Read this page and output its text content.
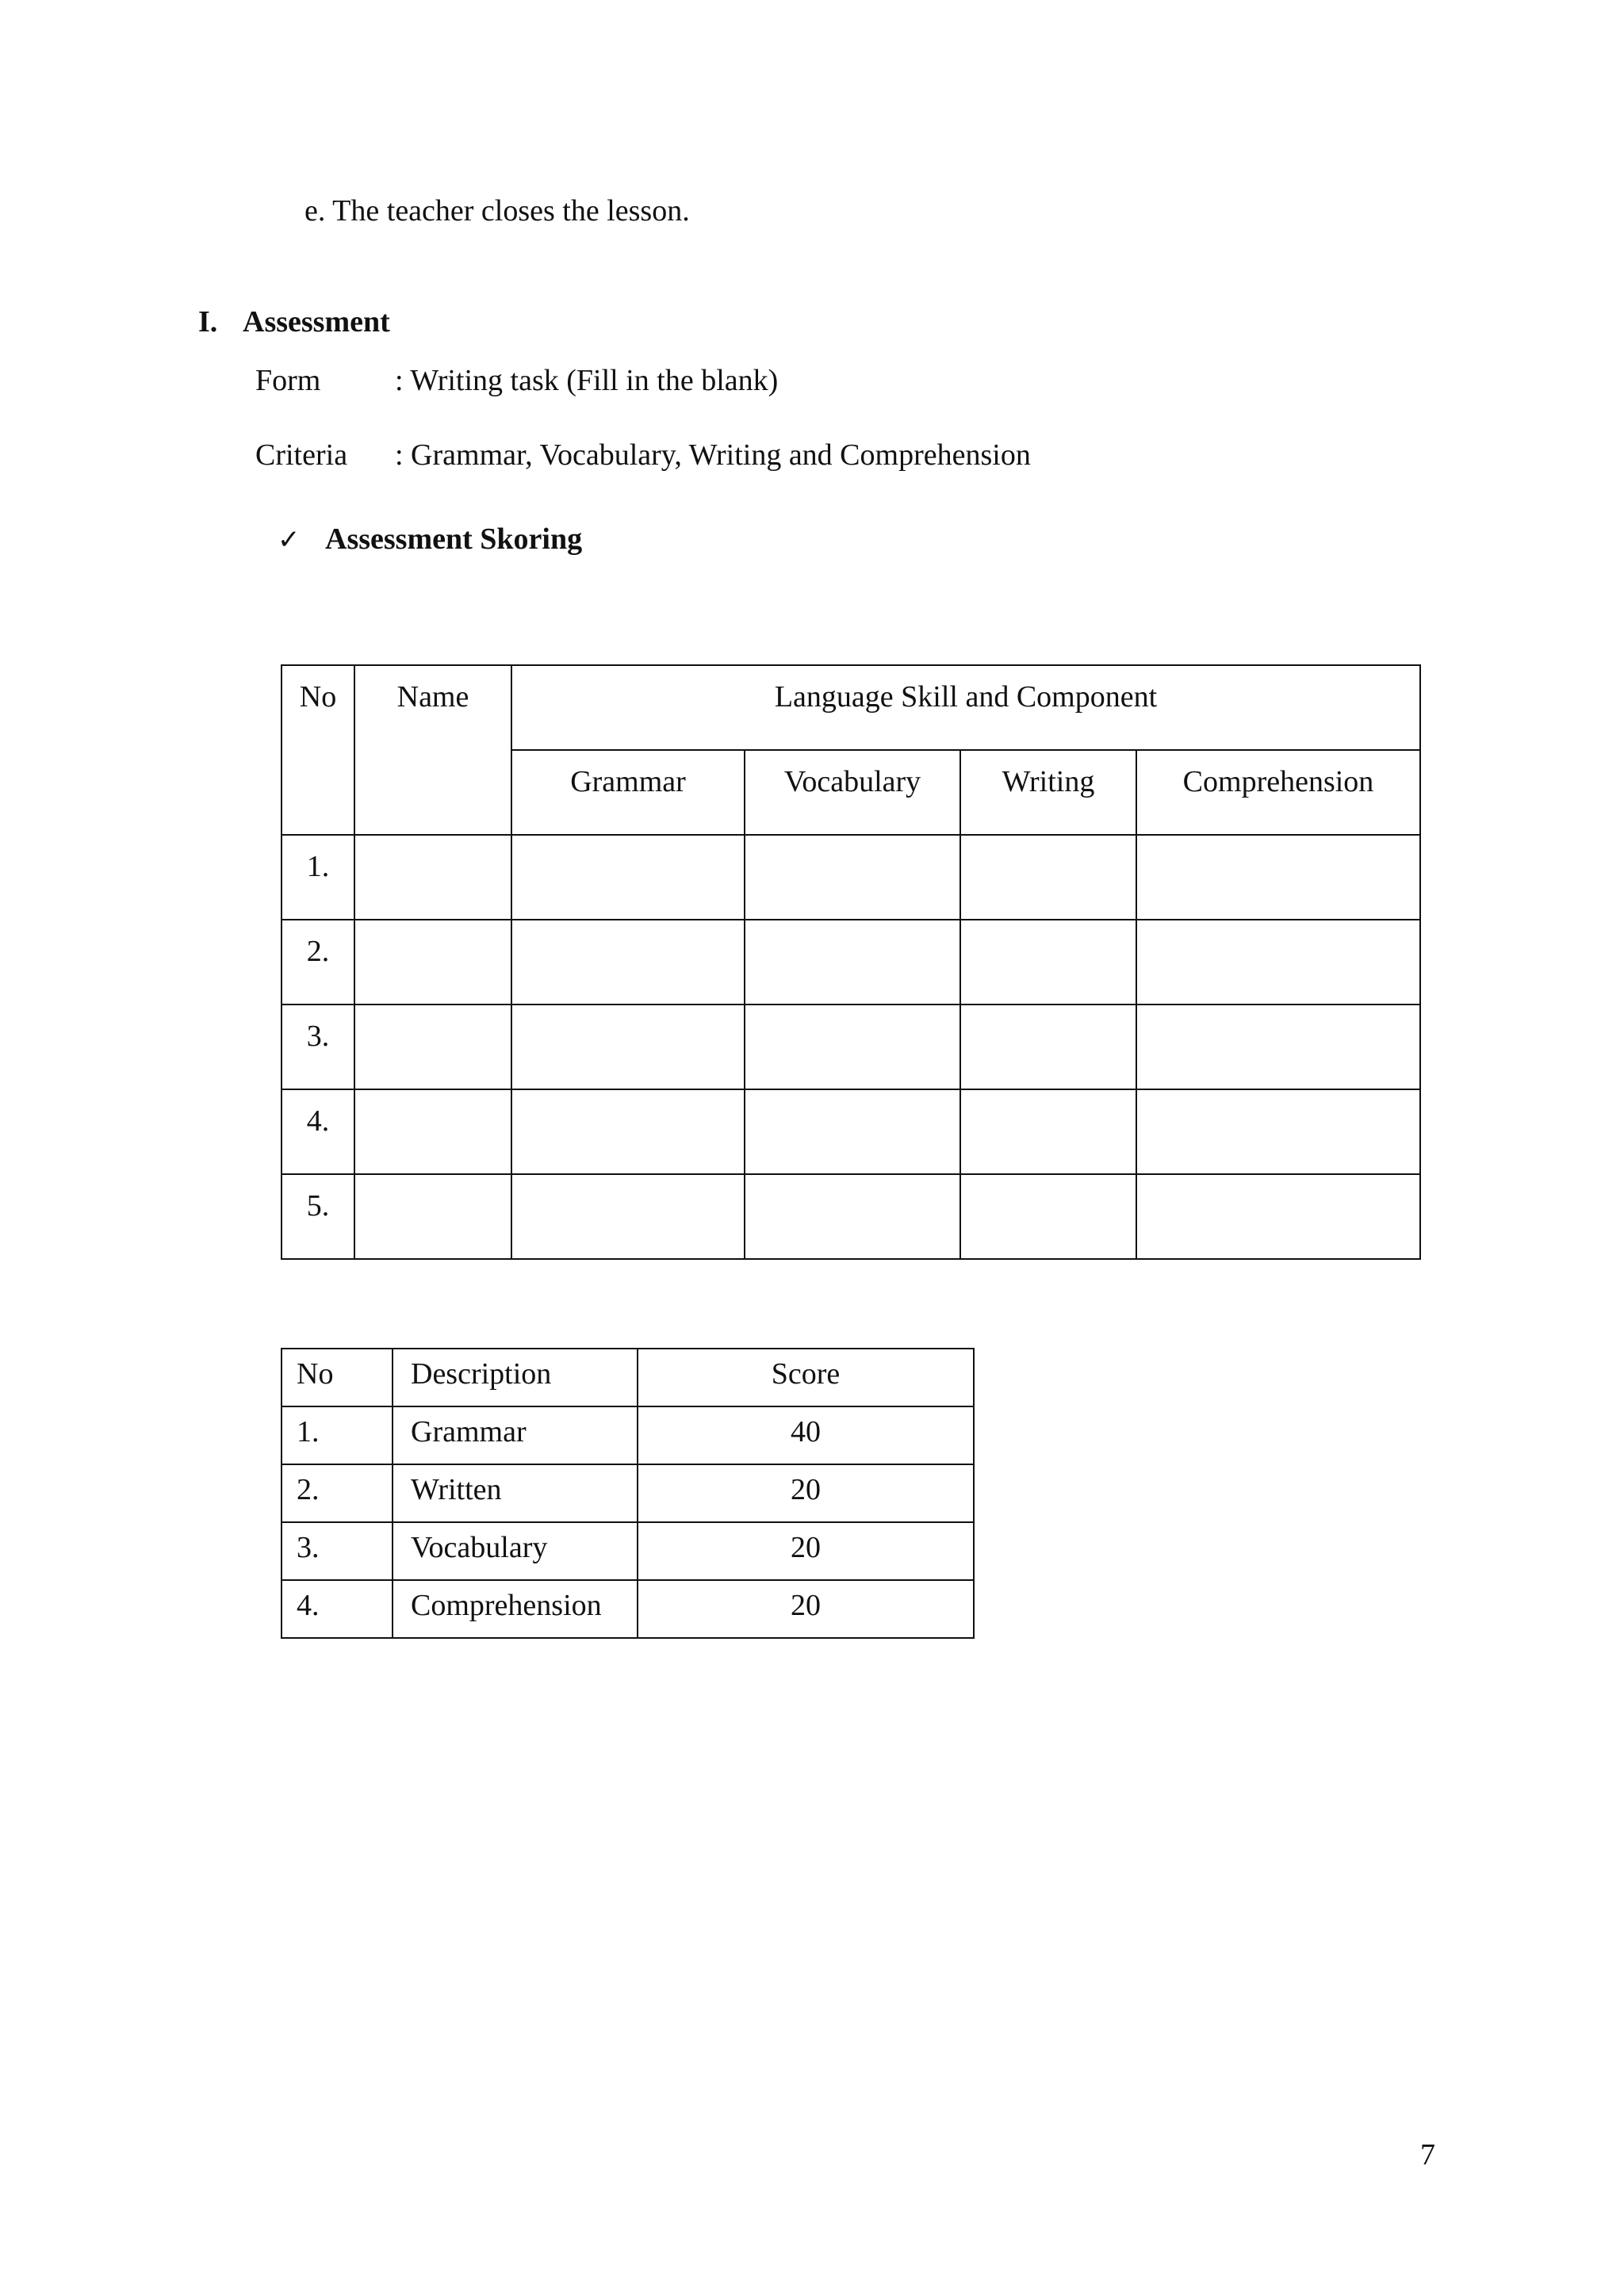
e. The teacher closes the lesson.
I. Assessment
Form : Writing task (Fill in the blank)
Criteria : Grammar, Vocabulary, Writing and Comprehension
✓ Assessment Skoring
No	Name	Language Skill and Component			

		Grammar	Vocabulary	Writing	Comprehension

1.					

2.					

3.					

4.					

5.					

No	Description	Score

1.	Grammar	40

2.	Written	20

3.	Vocabulary	20

4.	Comprehension	20
7
